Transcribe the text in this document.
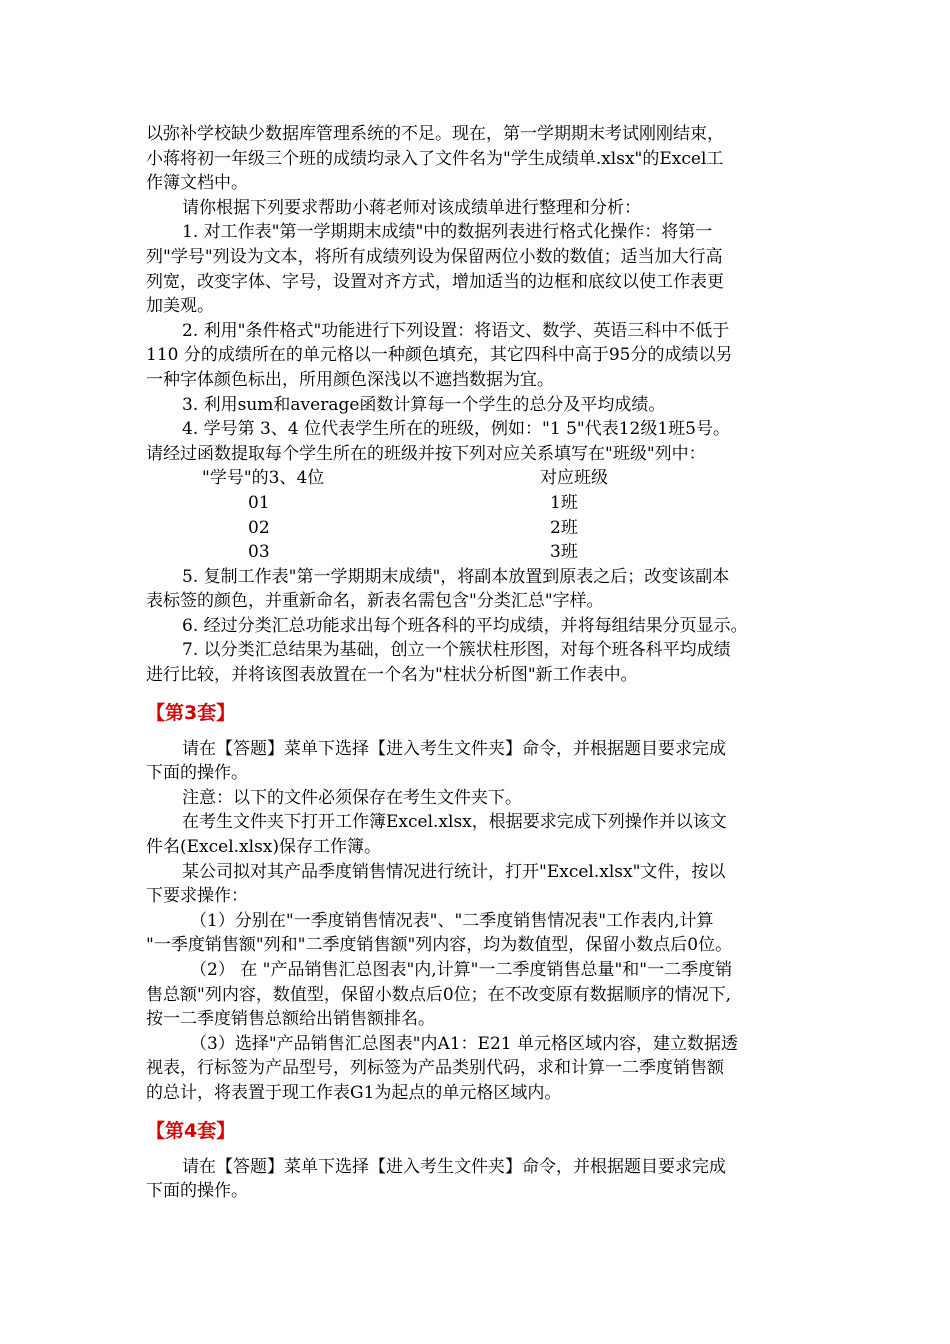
以弥补学校缺少数据库管理系统的不足。现在，第一学期期末考试刚刚结束，
小蒋将初一年级三个班的成绩均录入了文件名为"学生成绩单.xlsx"的Excel工
作簿文档中。

请你根据下列要求帮助小蒋老师对该成绩单进行整理和分析：

1. 对工作表"第一学期期末成绩"中的数据列表进行格式化操作：将第一
列"学号"列设为文本，将所有成绩列设为保留两位小数的数值；适当加大行高
列宽，改变字体、字号，设置对齐方式，增加适当的边框和底纹以使工作表更
加美观。

2. 利用"条件格式"功能进行下列设置：将语文、数学、英语三科中不低于
110 分的成绩所在的单元格以一种颜色填充，其它四科中高于95分的成绩以另
一种字体颜色标出，所用颜色深浅以不遮挡数据为宜。

3. 利用sum和average函数计算每一个学生的总分及平均成绩。

4. 学号第 3、4 位代表学生所在的班级，例如："1 5"代表12级1班5号。
请经过函数提取每个学生所在的班级并按下列对应关系填写在"班级"列中：

"学号"的3、4位	对应班级
01	1班
02	2班
03	3班

5. 复制工作表"第一学期期末成绩"，将副本放置到原表之后；改变该副本
表标签的颜色，并重新命名，新表名需包含"分类汇总"字样。

6. 经过分类汇总功能求出每个班各科的平均成绩，并将每组结果分页显示。

7. 以分类汇总结果为基础，创立一个簇状柱形图，对每个班各科平均成绩
进行比较，并将该图表放置在一个名为"柱状分析图"新工作表中。

【第3套】

请在【答题】菜单下选择【进入考生文件夹】命令，并根据题目要求完成
下面的操作。

注意：以下的文件必须保存在考生文件夹下。

在考生文件夹下打开工作簿Excel.xlsx，根据要求完成下列操作并以该文
件名(Excel.xlsx)保存工作簿。

某公司拟对其产品季度销售情况进行统计，打开"Excel.xlsx"文件，按以
下要求操作：

（1）分别在"一季度销售情况表"、"二季度销售情况表"工作表内,计算
"一季度销售额"列和"二季度销售额"列内容，均为数值型，保留小数点后0位。

（2） 在 "产品销售汇总图表"内,计算"一二季度销售总量"和"一二季度销
售总额"列内容，数值型，保留小数点后0位；在不改变原有数据顺序的情况下,
按一二季度销售总额给出销售额排名。

（3）选择"产品销售汇总图表"内A1：E21 单元格区域内容，建立数据透
视表，行标签为产品型号，列标签为产品类别代码，求和计算一二季度销售额
的总计，将表置于现工作表G1为起点的单元格区域内。

【第4套】

请在【答题】菜单下选择【进入考生文件夹】命令，并根据题目要求完成
下面的操作。
